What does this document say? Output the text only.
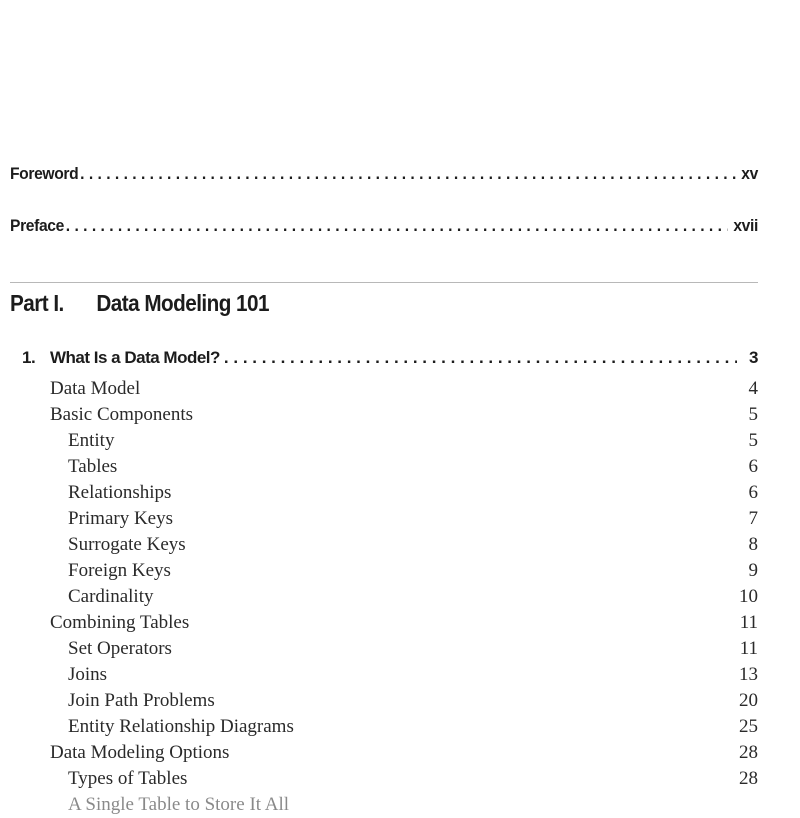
Foreword . . .	xv
Preface . . .	xvii
Part I. Data Modeling 101
1. What Is a Data Model? . . .	3
Data Model	4
Basic Components	5
Entity	5
Tables	6
Relationships	6
Primary Keys	7
Surrogate Keys	8
Foreign Keys	9
Cardinality	10
Combining Tables	11
Set Operators	11
Joins	13
Join Path Problems	20
Entity Relationship Diagrams	25
Data Modeling Options	28
Types of Tables	28
A Single Table to Store It All
